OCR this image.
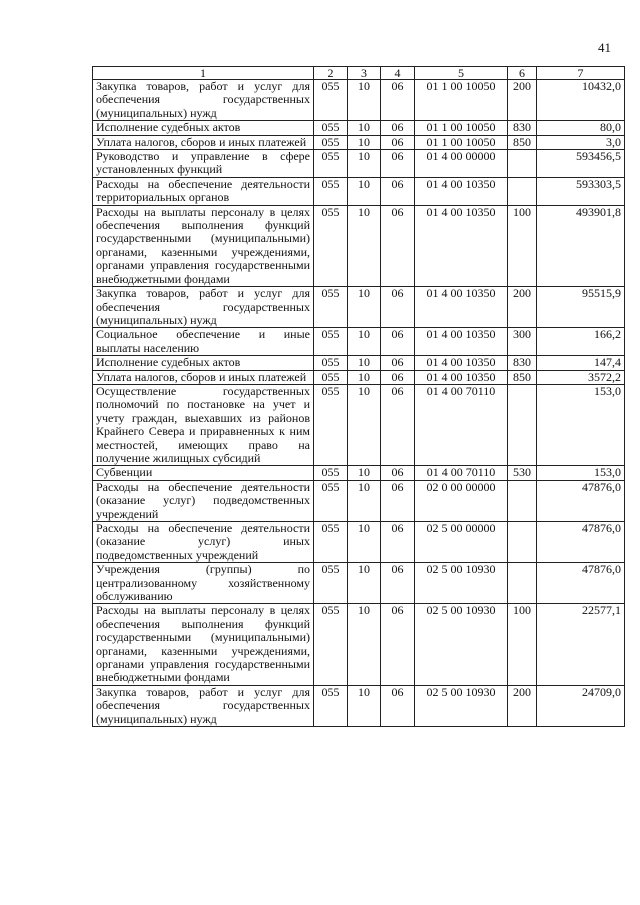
41
1	2	3	4	5	6	7
Закупка товаров, работ и услуг для обеспечения государственных (муниципальных) нужд	055	10	06	01 1 00 10050	200	10432,0
Исполнение судебных актов	055	10	06	01 1 00 10050	830	80,0
Уплата налогов, сборов и иных платежей	055	10	06	01 1 00 10050	850	3,0
Руководство и управление в сфере установленных функций	055	10	06	01 4 00 00000		593456,5
Расходы на обеспечение деятельности территориальных органов	055	10	06	01 4 00 10350		593303,5
Расходы на выплаты персоналу в целях обеспечения выполнения функций государственными (муниципальными) органами, казенными учреждениями, органами управления государственными внебюджетными фондами	055	10	06	01 4 00 10350	100	493901,8
Закупка товаров, работ и услуг для обеспечения государственных (муниципальных) нужд	055	10	06	01 4 00 10350	200	95515,9
Социальное обеспечение и иные выплаты населению	055	10	06	01 4 00 10350	300	166,2
Исполнение судебных актов	055	10	06	01 4 00 10350	830	147,4
Уплата налогов, сборов и иных платежей	055	10	06	01 4 00 10350	850	3572,2
Осуществление государственных полномочий по постановке на учет и учету граждан, выехавших из районов Крайнего Севера и приравненных к ним местностей, имеющих право на получение жилищных субсидий	055	10	06	01 4 00 70110		153,0
Субвенции	055	10	06	01 4 00 70110	530	153,0
Расходы на обеспечение деятельности (оказание услуг) подведомственных учреждений	055	10	06	02 0 00 00000		47876,0
Расходы на обеспечение деятельности (оказание услуг) иных подведомственных учреждений	055	10	06	02 5 00 00000		47876,0
Учреждения (группы) по централизованному хозяйственному обслуживанию	055	10	06	02 5 00 10930		47876,0
Расходы на выплаты персоналу в целях обеспечения выполнения функций государственными (муниципальными) органами, казенными учреждениями, органами управления государственными внебюджетными фондами	055	10	06	02 5 00 10930	100	22577,1
Закупка товаров, работ и услуг для обеспечения государственных (муниципальных) нужд	055	10	06	02 5 00 10930	200	24709,0
